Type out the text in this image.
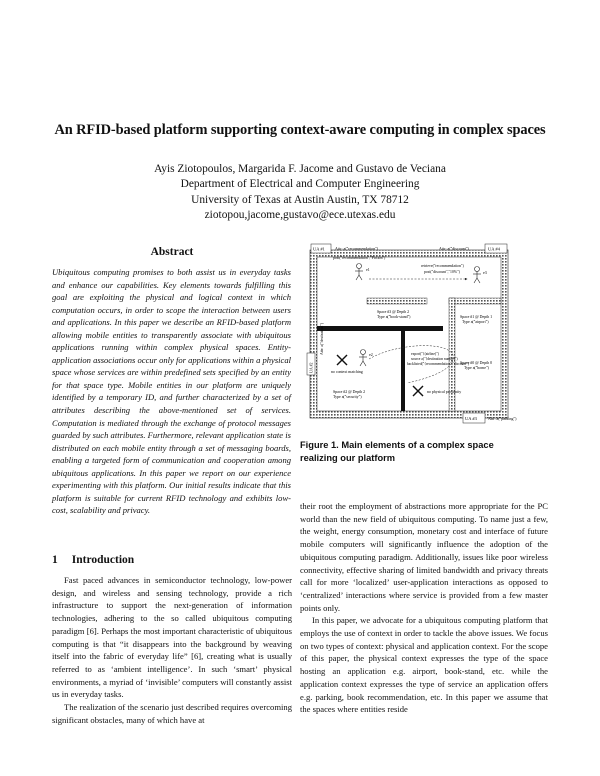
An RFID-based platform supporting context-aware computing in complex spaces
Ayis Ziotopoulos, Margarida F. Jacome and Gustavo de Veciana
Department of Electrical and Computer Engineering
University of Texas at Austin Austin, TX 78712
ziotopou,jacome,gustavo@ece.utexas.edu
Abstract
Ubiquitous computing promises to both assist us in everyday tasks and enhance our capabilities. Key elements towards fulfilling this goal are exploiting the physical and logical context in which computation occurs, in order to scope the interaction between users and applications. In this paper we describe an RFID-based platform allowing mobile entities to transparently associate with ubiquitous applications running within complex physical spaces. Entity-application associations occur only for applications within a physical space whose services are within predefined sets specified by an entity for that space type. Mobile entities in our platform are uniquely identified by a temporary ID, and further characterized by a set of attributes describing the above-mentioned set of services. Computation is mediated through the exchange of protocol messages guarded by such attributes. Furthermore, relevant application state is distributed on each mobile entity through a set of messaging boards, enabling a targeted form of communication and cooperation among ubiquitous applications. In this paper we report on our experience experimenting with this platform. Our initial results indicate that this platform is suitable for current RFID technology and exhibits low-cost, scalability and privacy.
1 Introduction

Fast paced advances in semiconductor technology, low-power design, and wireless and sensing technology, provide a rich infrastructure to support the next-generation of information technologies, adhering to the so called ubiquitous computing paradigm [6]. Perhaps the most important characteristic of ubiquitous computing is that “it disappears into the background by weaving itself into the fabric of everyday life” [6], creating what is usually referred to as ‘ambient intelligence’. In such ‘smart’ physical environments, a myriad of ‘invisible’ computers will constantly assist us in everyday tasks.

The realization of the scenario just described requires overcoming significant obstacles, many of which have at

their root the employment of abstractions more appropriate for the PC world than the new field of ubiquitous computing. To name just a few, the weight, energy consumption, monetary cost and interface of future mobile computers will significantly influence the adoption of the ubiquitous computing paradigm. Additionally, issues like poor wireless connectivity, effective sharing of limited bandwidth and privacy threats call for more ‘localized’ user-application interactions as opposed to ‘centralized’ interactions where service is provided from a few master points only.

In this paper, we advocate for a ubiquitous computing platform that employs the use of context in order to tackle the above issues. We focus on two types of context: physical and application context. For the scope of this paper, the physical context expresses the type of the space hosting an application e.g. airport, book-stand, etc. while the application context expresses the type of service an application offers e.g. parking, book recommendation, etc. In this paper we assume that the spaces where entities reside

UA #1	Attr: a("recommendation")	Attr: a("discount")	UA #4
UA #2
Attr: a("destination")
UA #3	Attr: a("parking")
e1
post("recommendation","Fiction")
e3
retrieve("recommendation")
post("discount","10%")
Space #3 @ Depth 2
Type a("book-stand")	Space #1 @ Depth 1
Type a("airport")
Space #0 @ Depth 0
Type a("home")
Space #2 @ Depth 2
Type a("security")
e2
no context matching
no physical proximity
export("{(airline)")
source a("{destination number")
backlisted("{recommendation","discount")
Figure 1. Main elements of a complex space realizing our platform
